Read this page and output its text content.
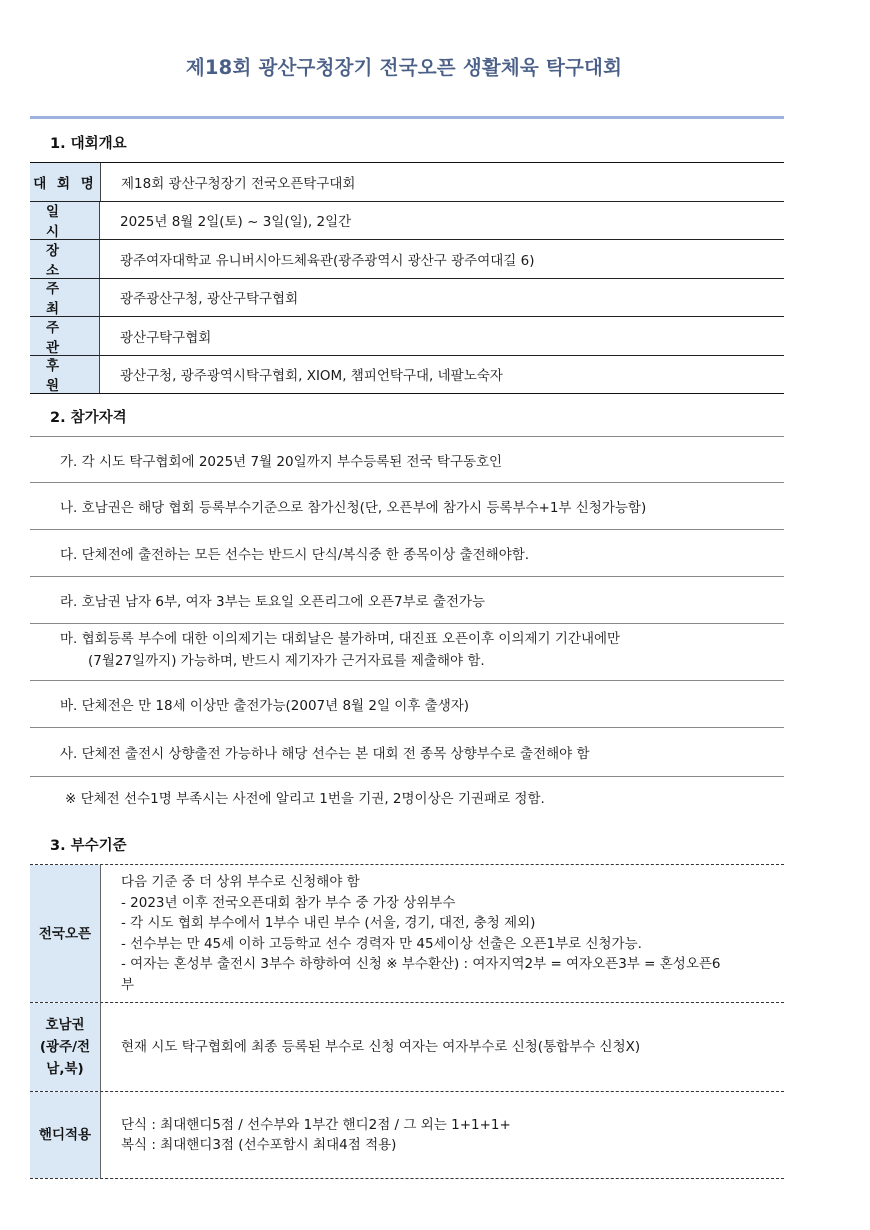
제18회 광산구청장기 전국오픈 생활체육 탁구대회
1. 대회개요
대 회 명	제18회 광산구청장기 전국오픈탁구대회
일 시
2025년 8월 2일(토) ~ 3일(일), 2일간
장 소
광주여자대학교 유니버시아드체육관(광주광역시 광산구 광주여대길 6)
주 최
광주광산구청, 광산구탁구협회
주 관
광산구탁구협회
후 원
광산구청, 광주광역시탁구협회, XIOM, 챔피언탁구대, 네팔노숙자
2. 참가자격
가. 각 시도 탁구협회에 2025년 7월 20일까지 부수등록된 전국 탁구동호인
나. 호남권은 해당 협회 등록부수기준으로 참가신청(단, 오픈부에 참가시 등록부수+1부 신청가능함)
다. 단체전에 출전하는 모든 선수는 반드시 단식/복식중 한 종목이상 출전해야함.
라. 호남권 남자 6부, 여자 3부는 토요일 오픈리그에 오픈7부로 출전가능
마. 협회등록 부수에 대한 이의제기는 대회날은 불가하며, 대진표 오픈이후 이의제기 기간내에만
(7월27일까지) 가능하며, 반드시 제기자가 근거자료를 제출해야 함.
바. 단체전은 만 18세 이상만 출전가능(2007년 8월 2일 이후 출생자)
사. 단체전 출전시 상향출전 가능하나 해당 선수는 본 대회 전 종목 상향부수로 출전해야 함
※ 단체전 선수1명 부족시는 사전에 알리고 1번을 기권, 2명이상은 기권패로 정함.
3. 부수기준
전국오픈
다음 기준 중 더 상위 부수로 신청해야 함
- 2023년 이후 전국오픈대회 참가 부수 중 가장 상위부수
- 각 시도 협회 부수에서 1부수 내린 부수 (서울, 경기, 대전, 충청 제외)
- 선수부는 만 45세 이하 고등학교 선수 경력자 만 45세이상 선출은 오픈1부로 신청가능.
- 여자는 혼성부 출전시 3부수 하향하여 신청 ※ 부수환산) : 여자지역2부 = 여자오픈3부 = 혼성오픈6
부
호남권
(광주/전
남,북)
현재 시도 탁구협회에 최종 등록된 부수로 신청 여자는 여자부수로 신청(통합부수 신청X)
핸디적용
단식 : 최대핸디5점 / 선수부와 1부간 핸디2점 / 그 외는 1+1+1+
복식 : 최대핸디3점 (선수포함시 최대4점 적용)
